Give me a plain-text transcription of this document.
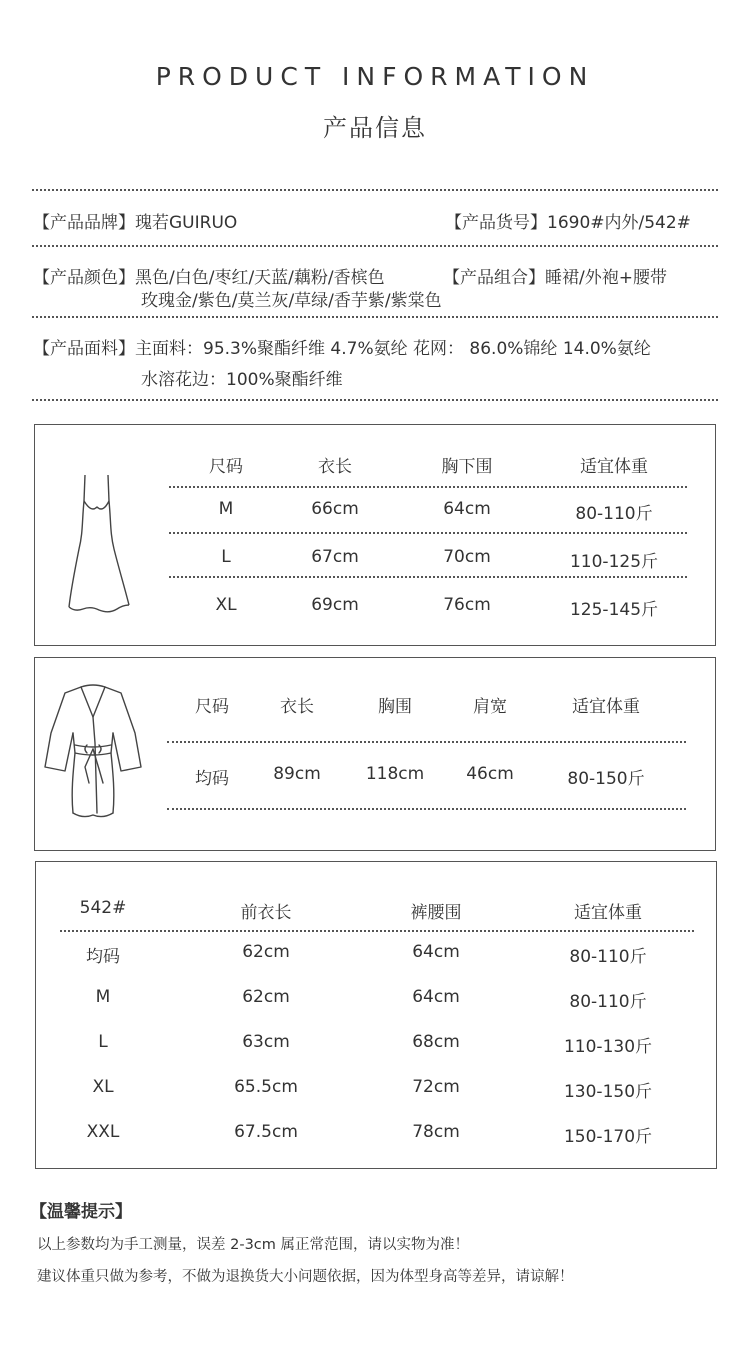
PRODUCT INFORMATION
产品信息
【产品品牌】瑰若GUIRUO	【产品货号】1690#内外/542#
【产品颜色】黑色/白色/枣红/天蓝/藕粉/香槟色	【产品组合】睡裙/外袍+腰带
玫瑰金/紫色/莫兰灰/草绿/香芋紫/紫棠色
【产品面料】主面料：95.3%聚酯纤维 4.7%氨纶 花网： 86.0%锦纶 14.0%氨纶
水溶花边：100%聚酯纤维
尺码	衣长	胸下围	适宜体重
M	66cm	64cm	80-110斤
L	67cm	70cm	110-125斤
XL	69cm	76cm	125-145斤
尺码	衣长	胸围	肩宽	适宜体重
均码	89cm	118cm 46cm	80-150斤
542#	前衣长	裤腰围	适宜体重
均码	62cm	64cm	80-110斤
M	62cm	64cm	80-110斤
L	63cm	68cm	110-130斤
XL	65.5cm	72cm	130-150斤
XXL	67.5cm	78cm	150-170斤
【温馨提示】
以上参数均为手工测量，误差 2-3cm 属正常范围，请以实物为准！
建议体重只做为参考，不做为退换货大小问题依据，因为体型身高等差异，请谅解！
